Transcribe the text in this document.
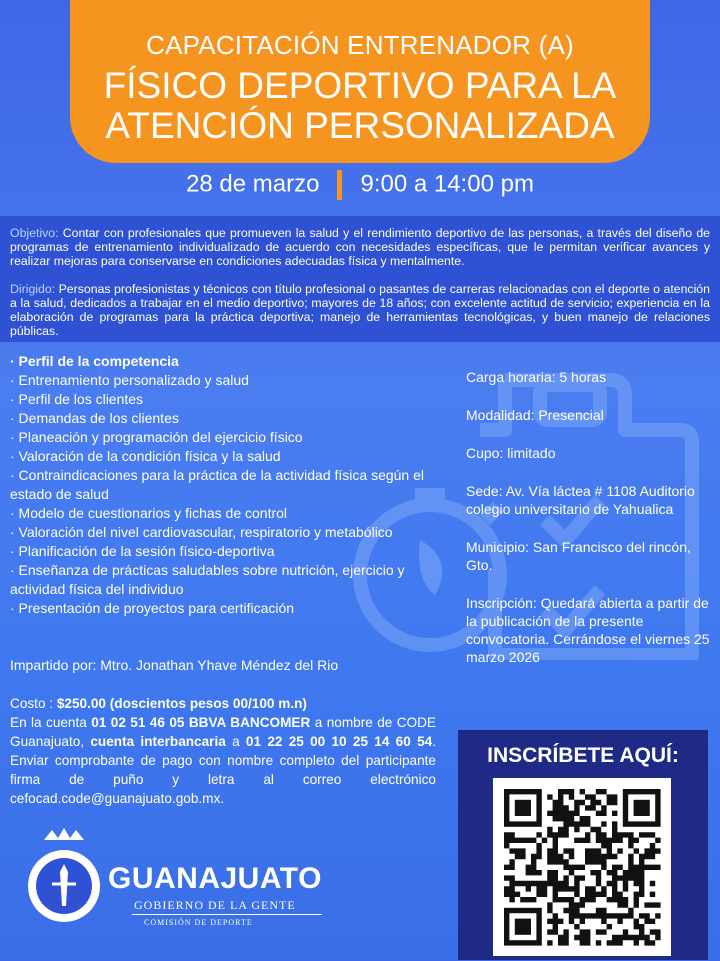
CAPACITACIÓN ENTRENADOR (A)
FÍSICO DEPORTIVO PARA LA
ATENCIÓN PERSONALIZADA
28 de marzo 9:00 a 14:00 pm
Objetivo: Contar con profesionales que promueven la salud y el rendimiento deportivo de las personas, a través del diseño de programas de entrenamiento individualizado de acuerdo con necesidades específicas, que le permitan verificar avances y realizar mejoras para conservarse en condiciones adecuadas física y mentalmente.
Dirigido: Personas profesionistas y técnicos con título profesional o pasantes de carreras relacionadas con el deporte o atención a la salud, dedicados a trabajar en el medio deportivo; mayores de 18 años; con excelente actitud de servicio; experiencia en la elaboración de programas para la práctica deportiva; manejo de herramientas tecnológicas, y buen manejo de relaciones públicas.
· Perfil de la competencia
· Entrenamiento personalizado y salud
· Perfil de los clientes
· Demandas de los clientes
· Planeación y programación del ejercicio físico
· Valoración de la condición física y la salud
· Contraindicaciones para la práctica de la actividad física según el estado de salud
· Modelo de cuestionarios y fichas de control
· Valoración del nivel cardiovascular, respiratorio y metabólico
· Planificación de la sesión físico-deportiva
· Enseñanza de prácticas saludables sobre nutrición, ejercicio y actividad física del individuo
· Presentación de proyectos para certificación

Carga horaria: 5 horas

Modalidad: Presencial

Cupo: limitado

Sede: Av. Vía láctea # 1108 Auditorio colegio universitario de Yahualica

Municipio: San Francisco del rincón, Gto.

Inscripción: Quedará abierta a partir de la publicación de la presente convocatoria. Cerrándose el viernes 25 marzo 2026

Impartido por: Mtro. Jonathan Yhave Méndez del Rio
Costo : $250.00 (doscientos pesos 00/100 m.n)
En la cuenta 01 02 51 46 05 BBVA BANCOMER a nombre de CODE Guanajuato, cuenta interbancaria a 01 22 25 00 10 25 14 60 54. Enviar comprobante de pago con nombre completo del participante firma de puño y letra al correo electrónico cefocad.code@guanajuato.gob.mx.
INSCRÍBETE AQUÍ:
GUANAJUATO
GOBIERNO DE LA GENTE
COMISIÓN DE DEPORTE
